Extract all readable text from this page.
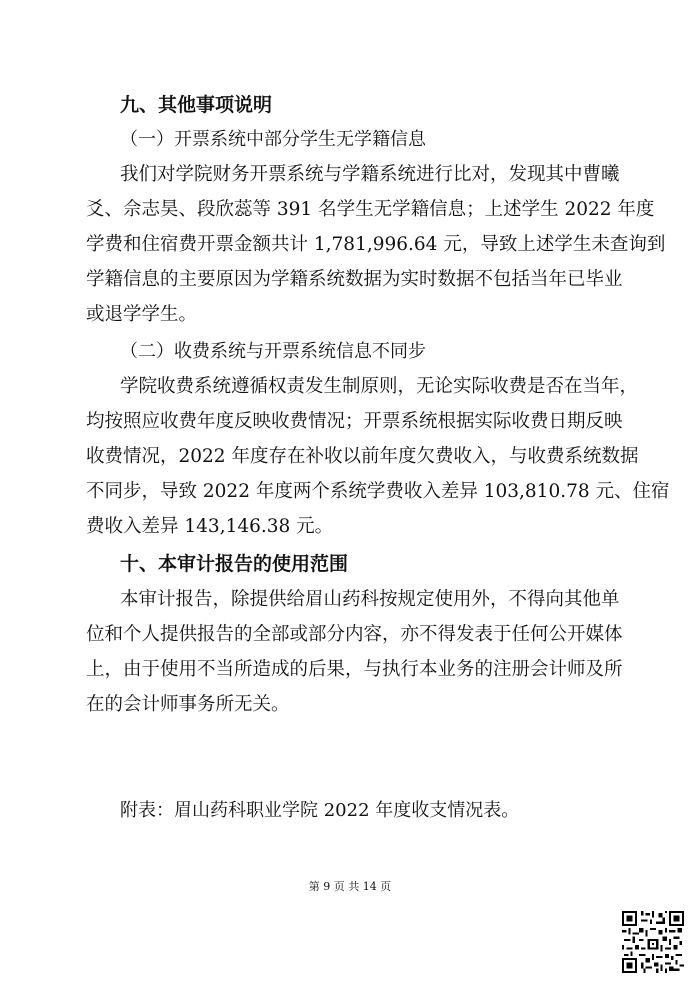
九、其他事项说明
（一）开票系统中部分学生无学籍信息
我们对学院财务开票系统与学籍系统进行比对，发现其中曹曦
爻、佘志昊、段欣蕊等 391 名学生无学籍信息；上述学生 2022 年度
学费和住宿费开票金额共计 1,781,996.64 元，导致上述学生未查询到
学籍信息的主要原因为学籍系统数据为实时数据不包括当年已毕业
或退学学生。
（二）收费系统与开票系统信息不同步
学院收费系统遵循权责发生制原则，无论实际收费是否在当年，
均按照应收费年度反映收费情况；开票系统根据实际收费日期反映
收费情况，2022 年度存在补收以前年度欠费收入，与收费系统数据
不同步，导致 2022 年度两个系统学费收入差异 103,810.78 元、住宿
费收入差异 143,146.38 元。
十、本审计报告的使用范围
本审计报告，除提供给眉山药科按规定使用外，不得向其他单
位和个人提供报告的全部或部分内容，亦不得发表于任何公开媒体
上，由于使用不当所造成的后果，与执行本业务的注册会计师及所
在的会计师事务所无关。
附表：眉山药科职业学院 2022 年度收支情况表。
第 9 页 共 14 页
